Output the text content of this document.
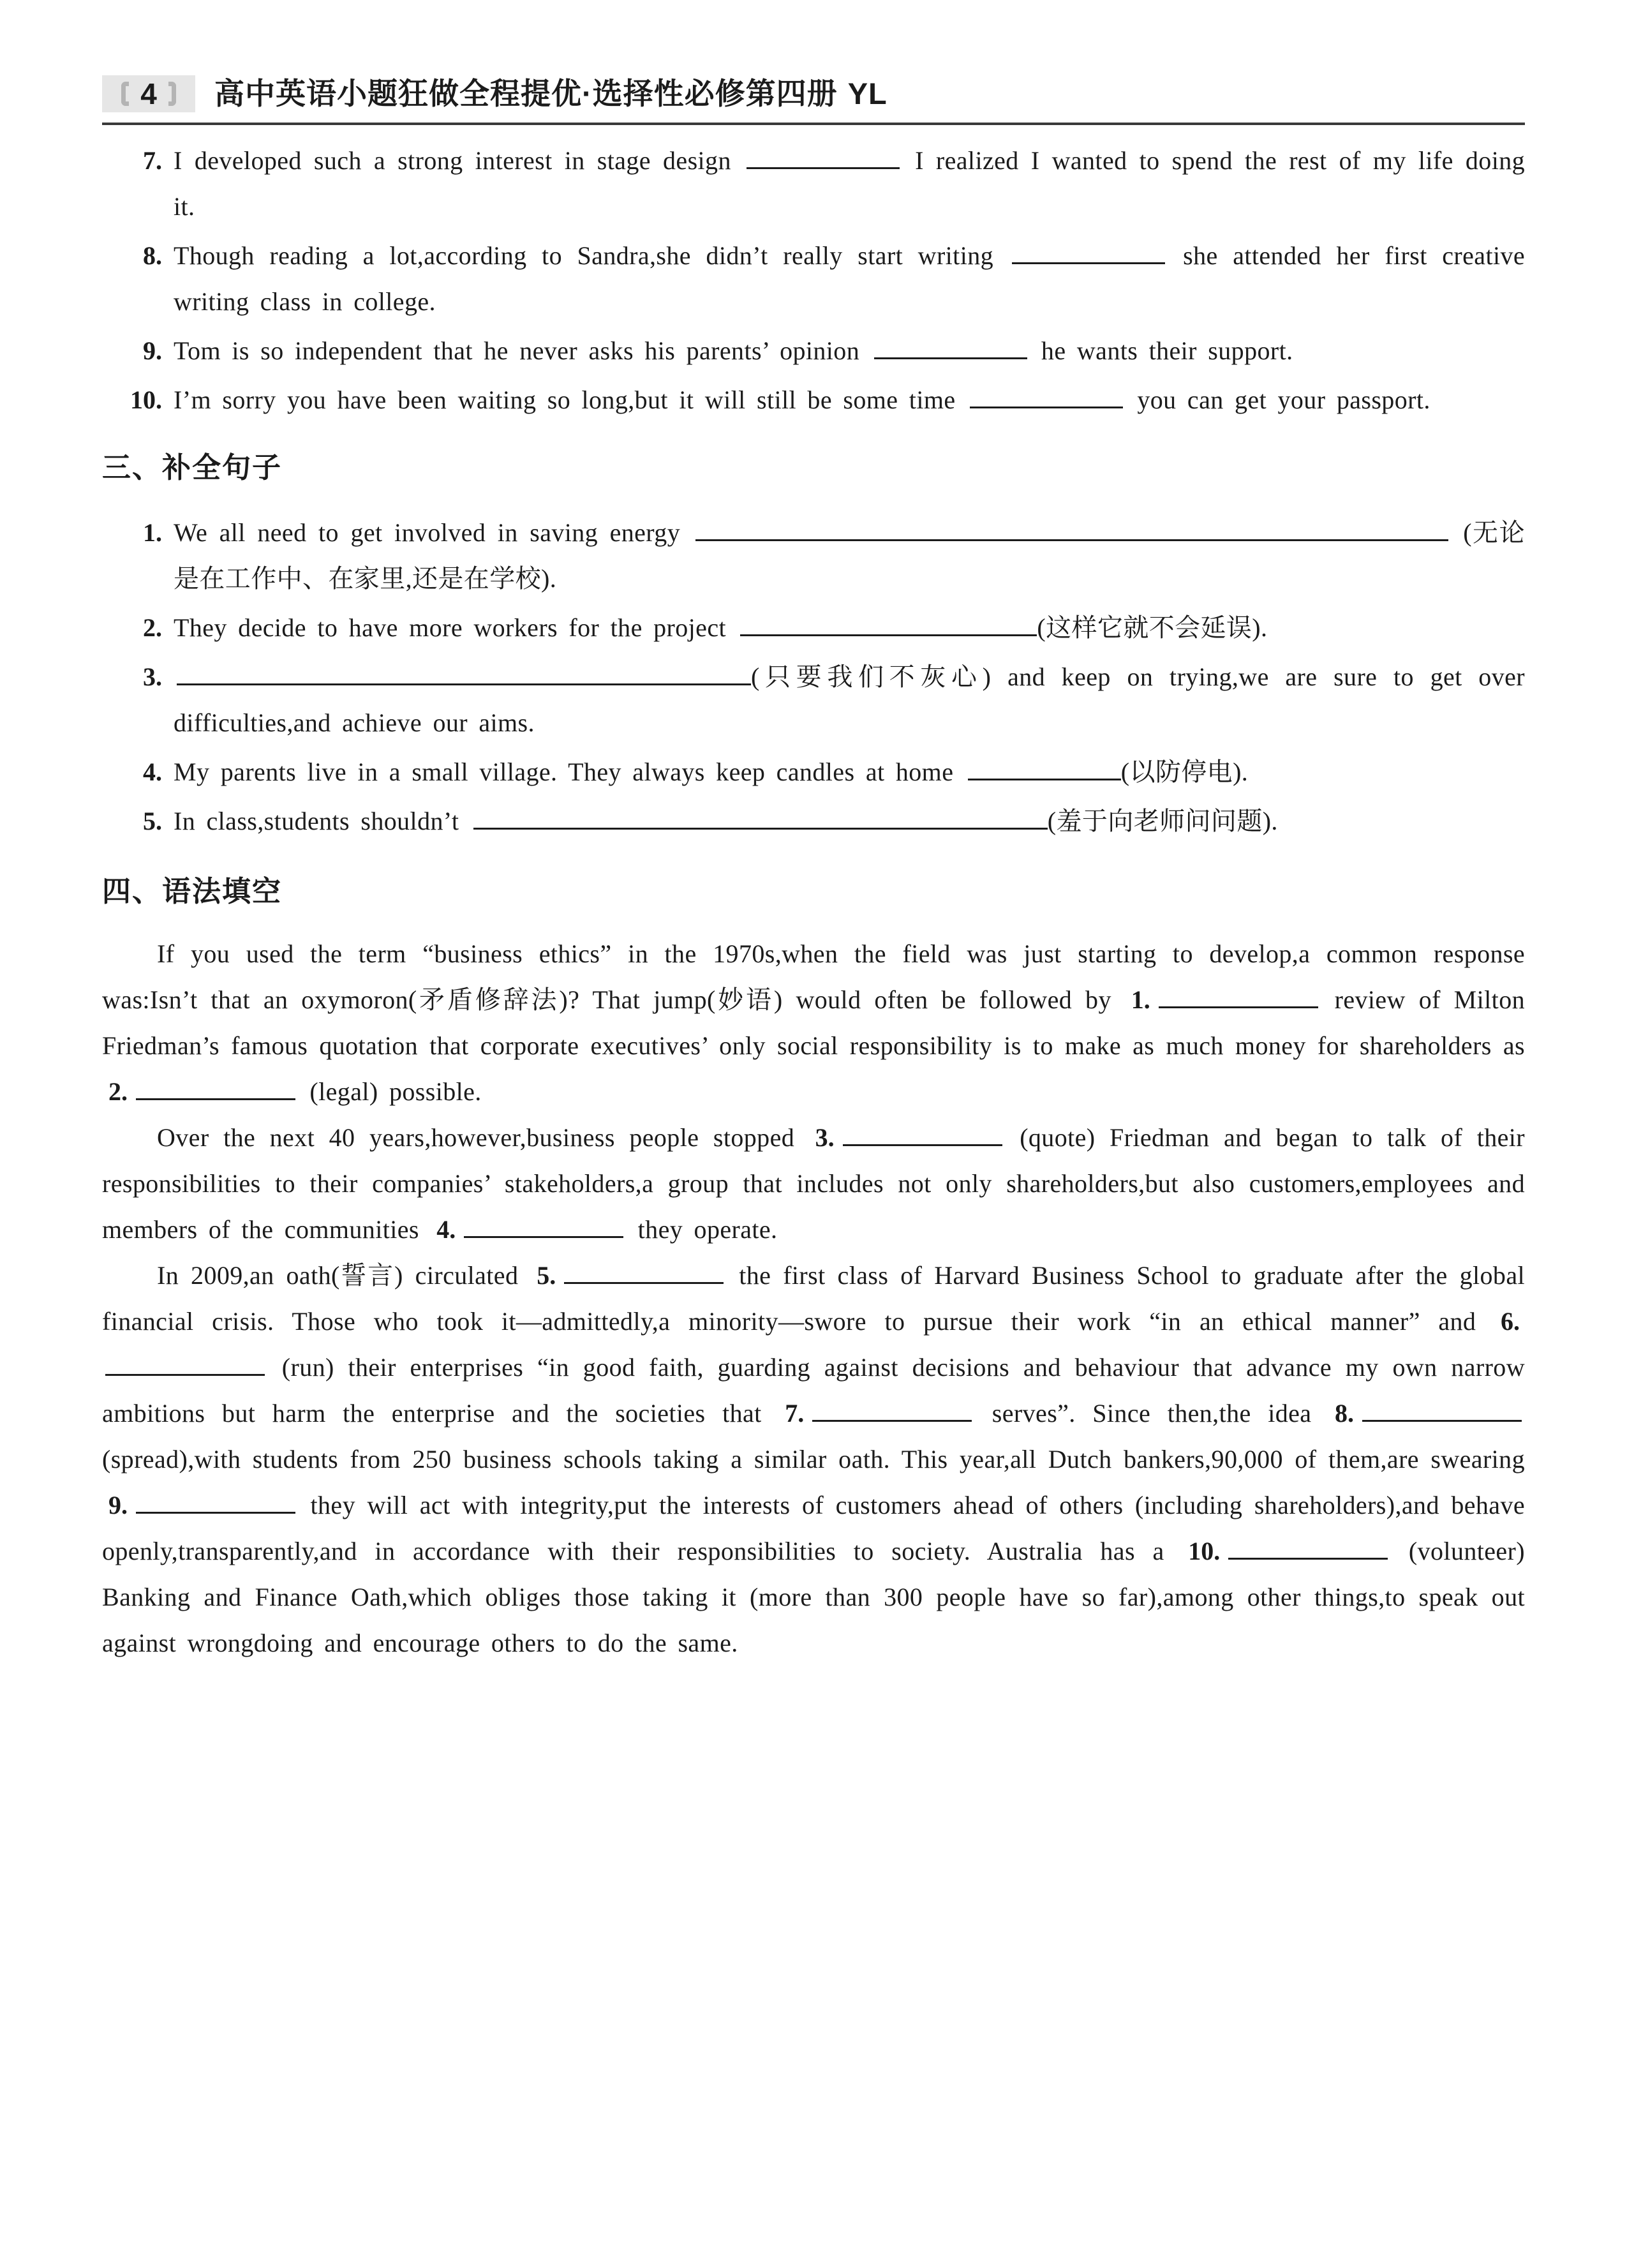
4 高中英语小题狂做全程提优·选择性必修第四册 YL
7. I developed such a strong interest in stage design	I realized I wanted to spend the rest of my life doing it.
8. Though reading a lot,according to Sandra,she didn’t really start writing	she attended her first creative writing class in college.
9. Tom is so independent that he never asks his parents’ opinion	he wants their support.
10. I’m sorry you have been waiting so long,but it will still be some time	you can get your passport.
三、补全句子
1. We all need to get involved in saving energy	(无论是在工作中、在家里,还是在学校).
2. They decide to have more workers for the project	(这样它就不会延误).
3.	(只要我们不灰心) and keep on trying,we are sure to get over difficulties,and achieve our aims.
4. My parents live in a small village. They always keep candles at home	(以防停电).
5. In class,students shouldn’t	(羞于向老师问问题).
四、语法填空

If you used the term “business ethics” in the 1970s,when the field was just starting to develop,a common response was:Isn’t that an oxymoron(矛盾修辞法)? That jump(妙语) would often be followed by 1.	review of Milton Friedman’s famous quotation that corporate executives’ only social responsibility is to make as much money for shareholders as 2.	(legal) possible.

Over the next 40 years,however,business people stopped 3.	(quote) Friedman and began to talk of their responsibilities to their companies’ stakeholders,a group that includes not only shareholders,but also customers,employees and members of the communities 4.	they operate.

In 2009,an oath(誓言) circulated 5.	the first class of Harvard Business School to graduate after the global financial crisis. Those who took it—admittedly,a minority—swore to pursue their work “in an ethical manner” and 6. (run) their enterprises “in good faith, guarding against decisions and behaviour that advance my own narrow ambitions but harm the enterprise and the societies that 7.	serves”. Since then,the idea 8. (spread),with students from 250 business schools taking a similar oath. This year,all Dutch bankers,90,000 of them,are swearing 9.	they will act with integrity,put the interests of customers ahead of others (including shareholders),and behave openly,transparently,and in accordance with their responsibilities to society. Australia has a 10.	(volunteer) Banking and Finance Oath,which obliges those taking it (more than 300 people have so far),among other things,to speak out against wrongdoing and encourage others to do the same.
